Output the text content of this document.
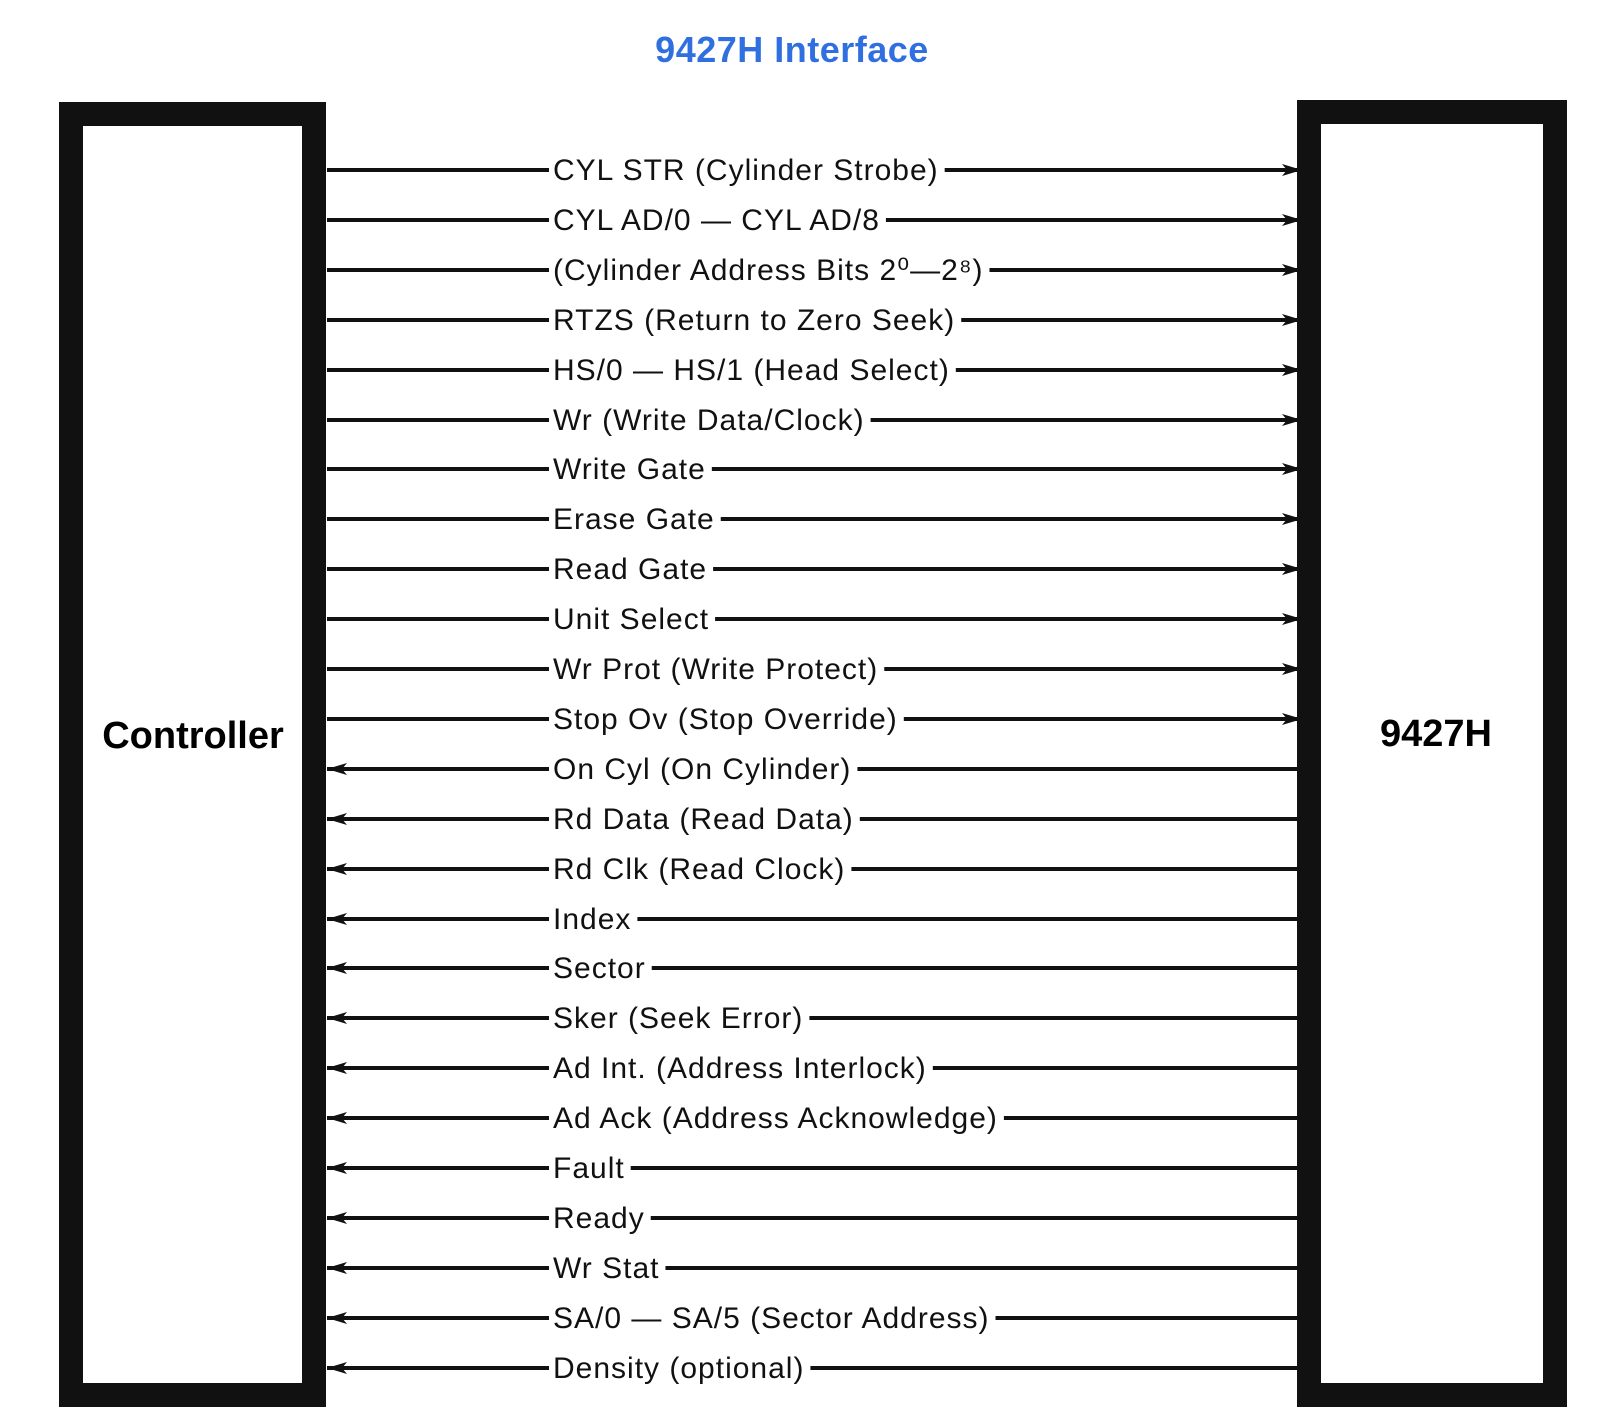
9427H Interface
Controller	9427H
CYL STR (Cylinder Strobe)
CYL AD/0 — CYL AD/8
(Cylinder Address Bits 2⁰—2⁸)
RTZS (Return to Zero Seek)
HS/0 — HS/1 (Head Select)
Wr (Write Data/Clock)
Write Gate
Erase Gate
Read Gate
Unit Select
Wr Prot (Write Protect)
Stop Ov (Stop Override)
On Cyl (On Cylinder)
Rd Data (Read Data)
Rd Clk (Read Clock)
Index
Sector
Sker (Seek Error)
Ad Int. (Address Interlock)
Ad Ack (Address Acknowledge)
Fault
Ready
Wr Stat
SA/0 — SA/5 (Sector Address)
Density (optional)
